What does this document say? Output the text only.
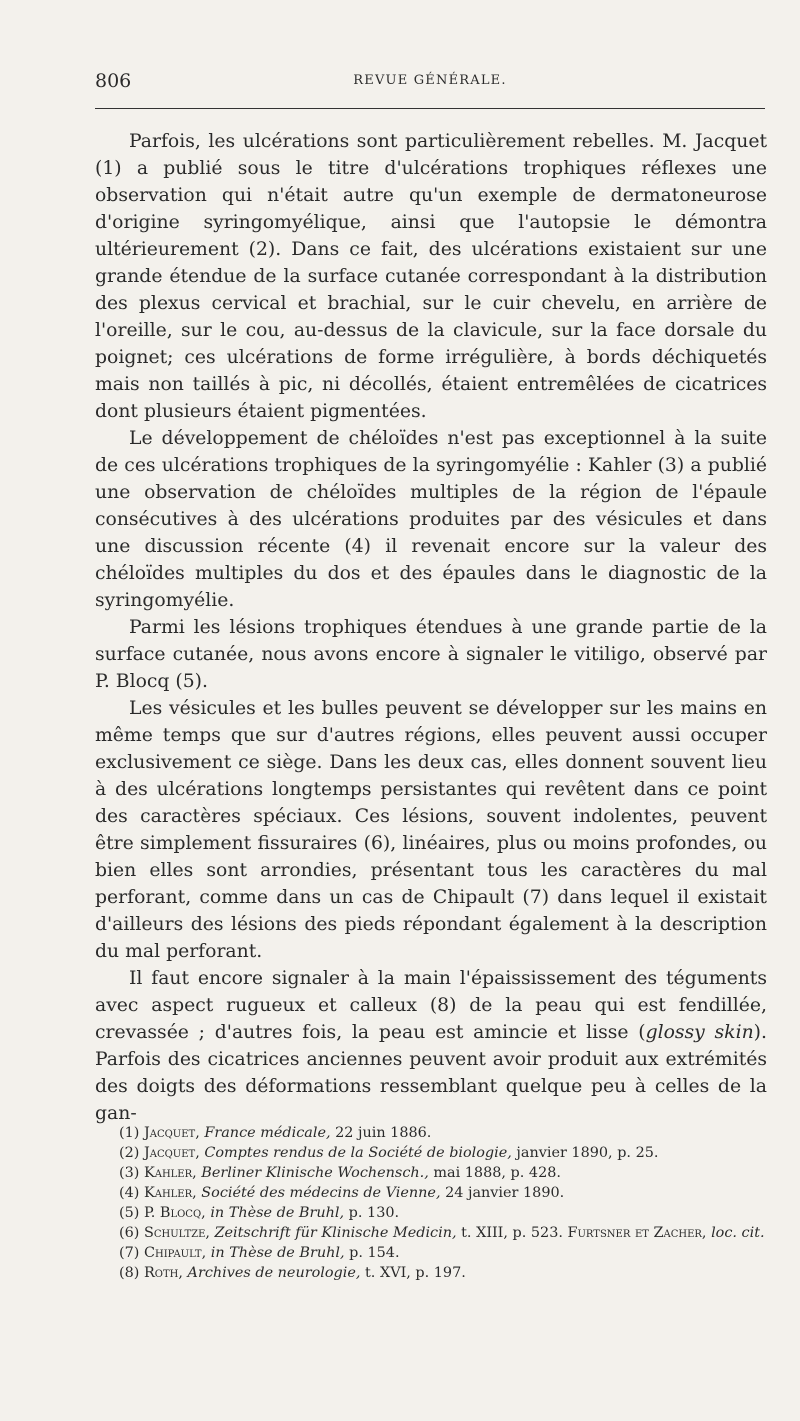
806	REVUE GÉNÉRALE.

Parfois, les ulcérations sont particulièrement rebelles. M. Jacquet (1) a publié sous le titre d'ulcérations trophiques réflexes une observation qui n'était autre qu'un exemple de dermatoneurose d'origine syringomyélique, ainsi que l'autopsie le démontra ultérieurement (2). Dans ce fait, des ulcérations existaient sur une grande étendue de la surface cutanée correspondant à la distribution des plexus cervical et brachial, sur le cuir chevelu, en arrière de l'oreille, sur le cou, au-dessus de la clavicule, sur la face dorsale du poignet; ces ulcérations de forme irrégulière, à bords déchiquetés mais non taillés à pic, ni décollés, étaient entremêlées de cicatrices dont plusieurs étaient pigmentées.

Le développement de chéloïdes n'est pas exceptionnel à la suite de ces ulcérations trophiques de la syringomyélie : Kahler (3) a publié une observation de chéloïdes multiples de la région de l'épaule consécutives à des ulcérations produites par des vésicules et dans une discussion récente (4) il revenait encore sur la valeur des chéloïdes multiples du dos et des épaules dans le diagnostic de la syringomyélie.

Parmi les lésions trophiques étendues à une grande partie de la surface cutanée, nous avons encore à signaler le vitiligo, observé par P. Blocq (5).

Les vésicules et les bulles peuvent se développer sur les mains en même temps que sur d'autres régions, elles peuvent aussi occuper exclusivement ce siège. Dans les deux cas, elles donnent souvent lieu à des ulcérations longtemps persistantes qui revêtent dans ce point des caractères spéciaux. Ces lésions, souvent indolentes, peuvent être simplement fissuraires (6), linéaires, plus ou moins profondes, ou bien elles sont arrondies, présentant tous les caractères du mal perforant, comme dans un cas de Chipault (7) dans lequel il existait d'ailleurs des lésions des pieds répondant également à la description du mal perforant.

Il faut encore signaler à la main l'épaississement des téguments avec aspect rugueux et calleux (8) de la peau qui est fendillée, crevassée ; d'autres fois, la peau est amincie et lisse (glossy skin). Parfois des cicatrices anciennes peuvent avoir produit aux extrémités des doigts des déformations ressemblant quelque peu à celles de la gan-

(1) Jacquet, France médicale, 22 juin 1886.

(2) Jacquet, Comptes rendus de la Société de biologie, janvier 1890, p. 25.

(3) Kahler, Berliner Klinische Wochensch., mai 1888, p. 428.

(4) Kahler, Société des médecins de Vienne, 24 janvier 1890.

(5) P. Blocq, in Thèse de Bruhl, p. 130.

(6) Schultze, Zeitschrift für Klinische Medicin, t. XIII, p. 523. Furtsner et Zacher, loc. cit.

(7) Chipault, in Thèse de Bruhl, p. 154.

(8) Roth, Archives de neurologie, t. XVI, p. 197.
